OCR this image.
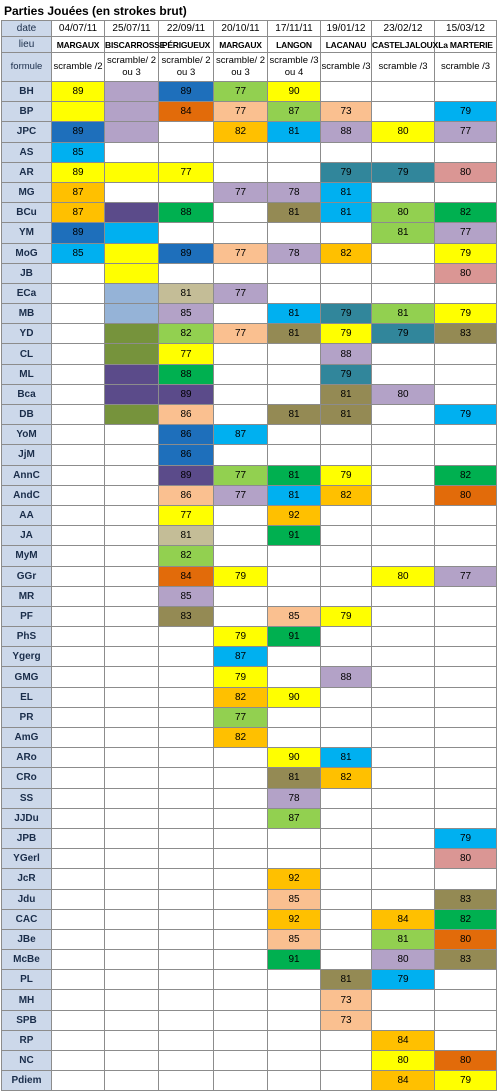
Parties Jouées (en strokes brut)
date	04/07/11	25/07/11	22/09/11	20/10/11	17/11/11	19/01/12	23/02/12	15/03/12
lieu	MARGAUX	BISCARROSSE	PÉRIGUEUX	MARGAUX	LANGON	LACANAU	CASTELJALOUX	La MARTERIE
formule	scramble /2	scramble/ 2 ou 3	scramble/ 2 ou 3	scramble/ 2 ou 3	scramble /3 ou 4	scramble /3	scramble /3	scramble /3
BH	89		89	77	90			
BP			84	77	87	73		79
JPC	89			82	81	88	80	77
AS	85							
AR	89		77			79	79	80
MG	87			77	78	81		
BCu	87		88		81	81	80	82
YM	89						81	77
MoG	85		89	77	78	82		79
JB								80
ECa			81	77				
MB			85		81	79	81	79
YD			82	77	81	79	79	83
CL			77			88		
ML			88			79		
Bca			89			81	80	
DB			86		81	81		79
YoM			86	87				
JjM			86					
AnnC			89	77	81	79		82
AndC			86	77	81	82		80
AA			77		92			
JA			81		91			
MyM			82					
GGr			84	79			80	77
MR			85					
PF			83		85	79		
PhS				79	91			
Ygerg				87				
GMG				79		88		
EL				82	90			
PR				77				
AmG				82				
ARo					90	81		
CRo					81	82		
SS					78			
JJDu					87			
JPB								79
YGerl								80
JcR					92			
Jdu					85			83
CAC					92		84	82
JBe					85		81	80
McBe					91		80	83
PL						81	79	
MH						73		
SPB						73		
RP							84	
NC							80	80
Pdiem							84	79
